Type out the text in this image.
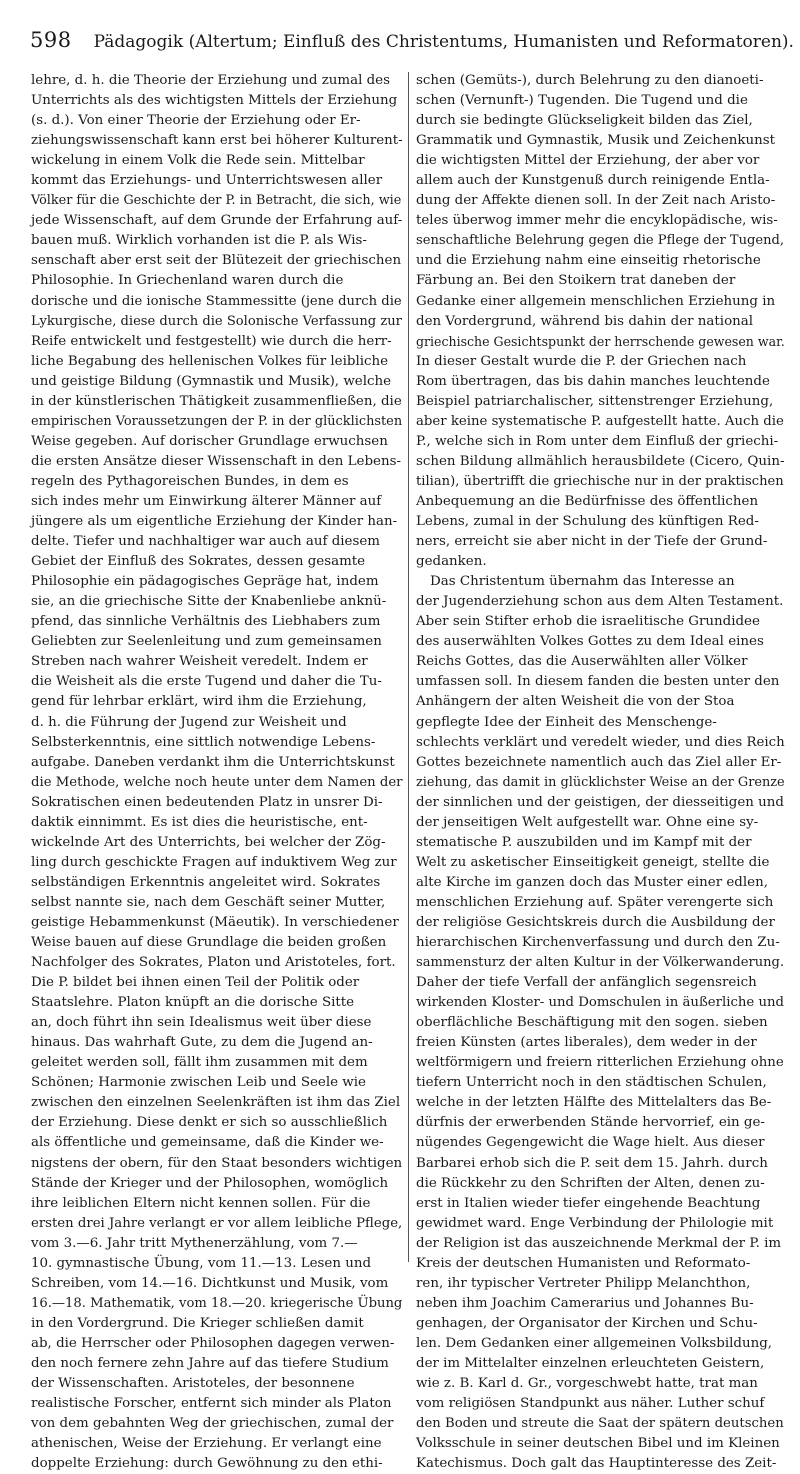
598 Pädagogik (Altertum; Einfluß des Christentums, Humanisten und Reformatoren).
lehre, d. h. die Theorie der Erziehung und zumal des
Unterrichts als des wichtigsten Mittels der Erziehung
(s. d.). Von einer Theorie der Erziehung oder Er-
ziehungswissenschaft kann erst bei höherer Kulturent-
wickelung in einem Volk die Rede sein. Mittelbar
kommt das Erziehungs- und Unterrichtswesen aller
Völker für die Geschichte der P. in Betracht, die sich, wie
jede Wissenschaft, auf dem Grunde der Erfahrung auf-
bauen muß. Wirklich vorhanden ist die P. als Wis-
senschaft aber erst seit der Blütezeit der griechischen
Philosophie. In Griechenland waren durch die
dorische und die ionische Stammessitte (jene durch die
Lykurgische, diese durch die Solonische Verfassung zur
Reife entwickelt und festgestellt) wie durch die herr-
liche Begabung des hellenischen Volkes für leibliche
und geistige Bildung (Gymnastik und Musik), welche
in der künstlerischen Thätigkeit zusammenfließen, die
empirischen Voraussetzungen der P. in der glücklichsten
Weise gegeben. Auf dorischer Grundlage erwuchsen
die ersten Ansätze dieser Wissenschaft in den Lebens-
regeln des Pythagoreischen Bundes, in dem es
sich indes mehr um Einwirkung älterer Männer auf
jüngere als um eigentliche Erziehung der Kinder han-
delte. Tiefer und nachhaltiger war auch auf diesem
Gebiet der Einfluß des Sokrates, dessen gesamte
Philosophie ein pädagogisches Gepräge hat, indem
sie, an die griechische Sitte der Knabenliebe anknü-
pfend, das sinnliche Verhältnis des Liebhabers zum
Geliebten zur Seelenleitung und zum gemeinsamen
Streben nach wahrer Weisheit veredelt. Indem er
die Weisheit als die erste Tugend und daher die Tu-
gend für lehrbar erklärt, wird ihm die Erziehung,
d. h. die Führung der Jugend zur Weisheit und
Selbsterkenntnis, eine sittlich notwendige Lebens-
aufgabe. Daneben verdankt ihm die Unterrichtskunst
die Methode, welche noch heute unter dem Namen der
Sokratischen einen bedeutenden Platz in unsrer Di-
daktik einnimmt. Es ist dies die heuristische, ent-
wickelnde Art des Unterrichts, bei welcher der Zög-
ling durch geschickte Fragen auf induktivem Weg zur
selbständigen Erkenntnis angeleitet wird. Sokrates
selbst nannte sie, nach dem Geschäft seiner Mutter,
geistige Hebammenkunst (Mäeutik). In verschiedener
Weise bauen auf diese Grundlage die beiden großen
Nachfolger des Sokrates, Platon und Aristoteles, fort.
Die P. bildet bei ihnen einen Teil der Politik oder
Staatslehre. Platon knüpft an die dorische Sitte
an, doch führt ihn sein Idealismus weit über diese
hinaus. Das wahrhaft Gute, zu dem die Jugend an-
geleitet werden soll, fällt ihm zusammen mit dem
Schönen; Harmonie zwischen Leib und Seele wie
zwischen den einzelnen Seelenkräften ist ihm das Ziel
der Erziehung. Diese denkt er sich so ausschließlich
als öffentliche und gemeinsame, daß die Kinder we-
nigstens der obern, für den Staat besonders wichtigen
Stände der Krieger und der Philosophen, womöglich
ihre leiblichen Eltern nicht kennen sollen. Für die
ersten drei Jahre verlangt er vor allem leibliche Pflege,
vom 3.—6. Jahr tritt Mythenerzählung, vom 7.—
10. gymnastische Übung, vom 11.—13. Lesen und
Schreiben, vom 14.—16. Dichtkunst und Musik, vom
16.—18. Mathematik, vom 18.—20. kriegerische Übung
in den Vordergrund. Die Krieger schließen damit
ab, die Herrscher oder Philosophen dagegen verwen-
den noch fernere zehn Jahre auf das tiefere Studium
der Wissenschaften. Aristoteles, der besonnene
realistische Forscher, entfernt sich minder als Platon
von dem gebahnten Weg der griechischen, zumal der
athenischen, Weise der Erziehung. Er verlangt eine
doppelte Erziehung: durch Gewöhnung zu den ethi-
schen (Gemüts-), durch Belehrung zu den dianoeti-
schen (Vernunft-) Tugenden. Die Tugend und die
durch sie bedingte Glückseligkeit bilden das Ziel,
Grammatik und Gymnastik, Musik und Zeichenkunst
die wichtigsten Mittel der Erziehung, der aber vor
allem auch der Kunstgenuß durch reinigende Entla-
dung der Affekte dienen soll. In der Zeit nach Aristo-
teles überwog immer mehr die encyklopädische, wis-
senschaftliche Belehrung gegen die Pflege der Tugend,
und die Erziehung nahm eine einseitig rhetorische
Färbung an. Bei den Stoikern trat daneben der
Gedanke einer allgemein menschlichen Erziehung in
den Vordergrund, während bis dahin der national
griechische Gesichtspunkt der herrschende gewesen war.
In dieser Gestalt wurde die P. der Griechen nach
Rom übertragen, das bis dahin manches leuchtende
Beispiel patriarchalischer, sittenstrenger Erziehung,
aber keine systematische P. aufgestellt hatte. Auch die
P., welche sich in Rom unter dem Einfluß der griechi-
schen Bildung allmählich herausbildete (Cicero, Quin-
tilian), übertrifft die griechische nur in der praktischen
Anbequemung an die Bedürfnisse des öffentlichen
Lebens, zumal in der Schulung des künftigen Red-
ners, erreicht sie aber nicht in der Tiefe der Grund-
gedanken.
Das Christentum übernahm das Interesse an
der Jugenderziehung schon aus dem Alten Testament.
Aber sein Stifter erhob die israelitische Grundidee
des auserwählten Volkes Gottes zu dem Ideal eines
Reichs Gottes, das die Auserwählten aller Völker
umfassen soll. In diesem fanden die besten unter den
Anhängern der alten Weisheit die von der Stoa
gepflegte Idee der Einheit des Menschenge-
schlechts verklärt und veredelt wieder, und dies Reich
Gottes bezeichnete namentlich auch das Ziel aller Er-
ziehung, das damit in glücklichster Weise an der Grenze
der sinnlichen und der geistigen, der diesseitigen und
der jenseitigen Welt aufgestellt war. Ohne eine sy-
stematische P. auszubilden und im Kampf mit der
Welt zu asketischer Einseitigkeit geneigt, stellte die
alte Kirche im ganzen doch das Muster einer edlen,
menschlichen Erziehung auf. Später verengerte sich
der religiöse Gesichtskreis durch die Ausbildung der
hierarchischen Kirchenverfassung und durch den Zu-
sammensturz der alten Kultur in der Völkerwanderung.
Daher der tiefe Verfall der anfänglich segensreich
wirkenden Kloster- und Domschulen in äußerliche und
oberflächliche Beschäftigung mit den sogen. sieben
freien Künsten (artes liberales), dem weder in der
weltförmigern und freiern ritterlichen Erziehung ohne
tiefern Unterricht noch in den städtischen Schulen,
welche in der letzten Hälfte des Mittelalters das Be-
dürfnis der erwerbenden Stände hervorrief, ein ge-
nügendes Gegengewicht die Wage hielt. Aus dieser
Barbarei erhob sich die P. seit dem 15. Jahrh. durch
die Rückkehr zu den Schriften der Alten, denen zu-
erst in Italien wieder tiefer eingehende Beachtung
gewidmet ward. Enge Verbindung der Philologie mit
der Religion ist das auszeichnende Merkmal der P. im
Kreis der deutschen Humanisten und Reformato-
ren, ihr typischer Vertreter Philipp Melanchthon,
neben ihm Joachim Camerarius und Johannes Bu-
genhagen, der Organisator der Kirchen und Schu-
len. Dem Gedanken einer allgemeinen Volksbildung,
der im Mittelalter einzelnen erleuchteten Geistern,
wie z. B. Karl d. Gr., vorgeschwebt hatte, trat man
vom religiösen Standpunkt aus näher. Luther schuf
den Boden und streute die Saat der spätern deutschen
Volksschule in seiner deutschen Bibel und im Kleinen
Katechismus. Doch galt das Hauptinteresse des Zeit-
